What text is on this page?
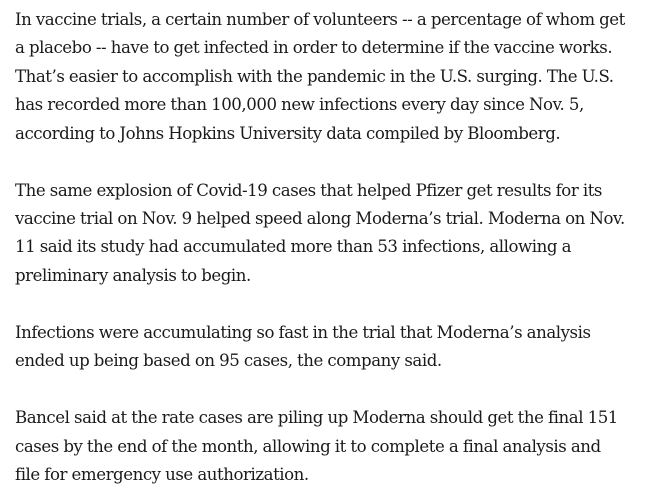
In vaccine trials, a certain number of volunteers -- a percentage of whom get
a placebo -- have to get infected in order to determine if the vaccine works.
That’s easier to accomplish with the pandemic in the U.S. surging. The U.S.
has recorded more than 100,000 new infections every day since Nov. 5,
according to Johns Hopkins University data compiled by Bloomberg.

The same explosion of Covid-19 cases that helped Pfizer get results for its
vaccine trial on Nov. 9 helped speed along Moderna’s trial. Moderna on Nov.
11 said its study had accumulated more than 53 infections, allowing a
preliminary analysis to begin.

Infections were accumulating so fast in the trial that Moderna’s analysis
ended up being based on 95 cases, the company said.

Bancel said at the rate cases are piling up Moderna should get the final 151
cases by the end of the month, allowing it to complete a final analysis and
file for emergency use authorization.
